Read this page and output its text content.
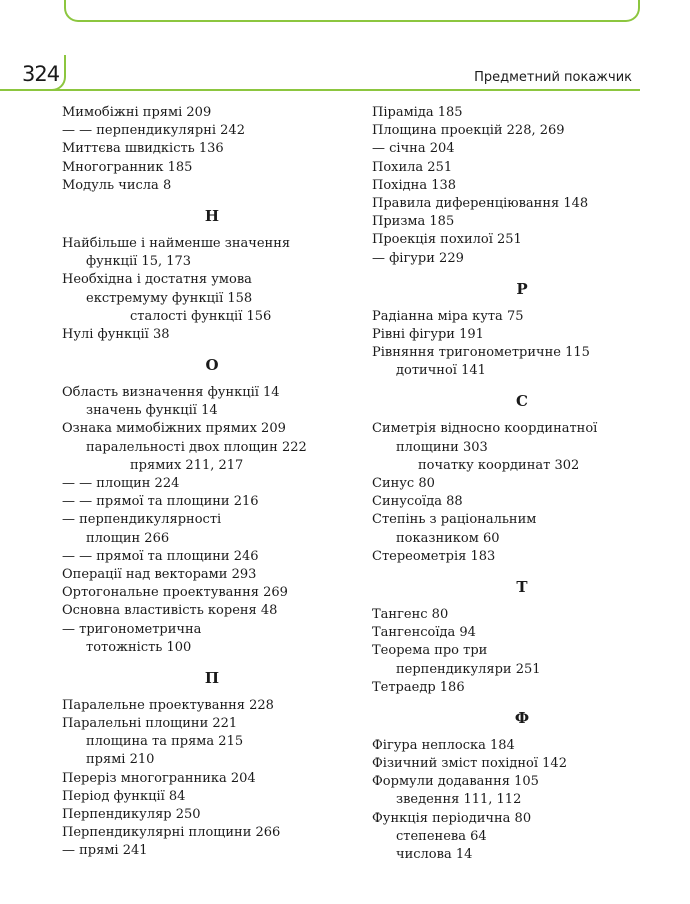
324	Предметний покажчик
Мимобіжні прямі 209
— — перпендикулярні 242
Миттєва швидкість 136
Многогранник 185
Модуль числа 8
Н
Найбільше і найменше значення
функції 15, 173
Необхідна і достатня умова
екстремуму функції 158
сталості функції 156
Нулі функції 38
О
Область визначення функції 14
значень функції 14
Ознака мимобіжних прямих 209
паралельності двох площин 222
прямих 211, 217
— — площин 224
— — прямої та площини 216
— перпендикулярності
площин 266
— — прямої та площини 246
Операції над векторами 293
Ортогональне проектування 269
Основна властивість кореня 48
— тригонометрична
тотожність 100
П
Паралельне проектування 228
Паралельні площини 221
площина та пряма 215
прямі 210
Переріз многогранника 204
Період функції 84
Перпендикуляр 250
Перпендикулярні площини 266
— прямі 241
Піраміда 185
Площина проекцій 228, 269
— січна 204
Похила 251
Похідна 138
Правила диференціювання 148
Призма 185
Проекція похилої 251
— фігури 229
Р
Радіанна міра кута 75
Рівні фігури 191
Рівняння тригонометричне 115
дотичної 141
С
Симетрія відносно координатної
площини 303
початку координат 302
Синус 80
Синусоїда 88
Степінь з раціональним
показником 60
Стереометрія 183
Т
Тангенс 80
Тангенсоїда 94
Теорема про три
перпендикуляри 251
Тетраедр 186
Ф
Фігура неплоска 184
Фізичний зміст похідної 142
Формули додавання 105
зведення 111, 112
Функція періодична 80
степенева 64
числова 14
